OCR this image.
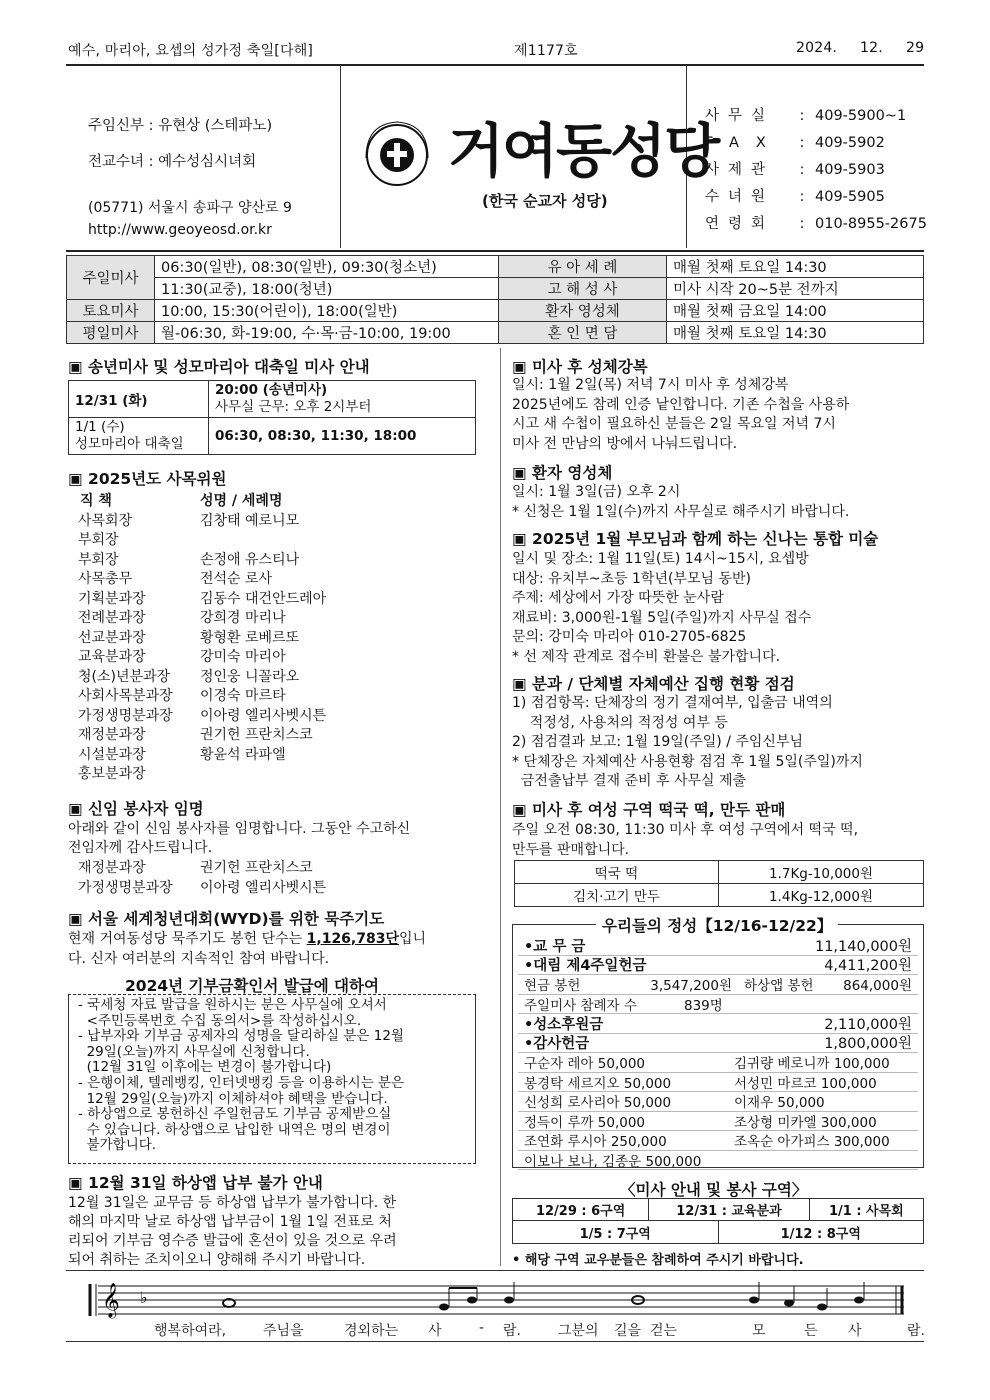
예수, 마리아, 요셉의 성가정 축일[다해]	제1177호	2024. 12. 29
주임신부 : 유현상 (스테파노)
전교수녀 : 예수성심시녀회
(05771) 서울시 송파구 양산로 9
http://www.geoyeosd.or.kr
거여동성당
(한국 순교자 성당)
사무실	: 409-5900~1
FAX	: 409-5902
사제관	: 409-5903
수녀원	: 409-5905
연령회	: 010-8955-2675
주일미사	06:30(일반), 08:30(일반), 09:30(청소년)	유 아 세 례	매월 첫째 토요일 14:30
	11:30(교중), 18:00(청년)	고 해 성 사	미사 시작 20~5분 전까지
토요미사	10:00, 15:30(어린이), 18:00(일반)	환자 영성체	매월 첫째 금요일 14:00
평일미사	월-06:30, 화-19:00, 수·목·금-10:00, 19:00	혼 인 면 담	매월 첫째 토요일 14:30
▣ 송년미사 및 성모마리아 대축일 미사 안내
12/31 (화)	20:00 (송년미사)
사무실 근무: 오후 2시부터

1/1 (수)
성모마리아 대축일	06:30, 08:30, 11:30, 18:00
▣ 2025년도 사목위원
직 책	성명 / 세례명
사목회장	김창태 예로니모
부회장
부회장	손정애 유스티나
사목총무	전석순 로사
기획분과장	김동수 대건안드레아
전례분과장	강희경 마리나
선교분과장	황형환 로베르또
교육분과장	강미숙 마리아
청(소)년분과장	정인웅 니꼴라오
사회사목분과장	이경숙 마르타
가정생명분과장	이아령 엘리사벳시튼
재정분과장	권기헌 프란치스코
시설분과장	황윤석 라파엘
홍보분과장
▣ 신임 봉사자 임명
아래와 같이 신임 봉사자를 임명합니다. 그동안 수고하신
전임자께 감사드립니다.
재정분과장	권기헌 프란치스코
가정생명분과장	이아령 엘리사벳시튼
▣ 서울 세계청년대회(WYD)를 위한 묵주기도
현재 거여동성당 묵주기도 봉헌 단수는 1,126,783단입니
다. 신자 여러분의 지속적인 참여 바랍니다.
2024년 기부금확인서 발급에 대하여
- 국세청 자료 발급을 원하시는 분은 사무실에 오셔서
<주민등록번호 수집 동의서>를 작성하십시오.
- 납부자와 기부금 공제자의 성명을 달리하실 분은 12월
29일(오늘)까지 사무실에 신청합니다.
(12월 31일 이후에는 변경이 불가합니다)
- 은행이체, 텔레뱅킹, 인터넷뱅킹 등을 이용하시는 분은
12월 29일(오늘)까지 이체하셔야 혜택을 받습니다.
- 하상앱으로 봉헌하신 주일헌금도 기부금 공제받으실
수 있습니다. 하상앱으로 납입한 내역은 명의 변경이
불가합니다.
▣ 12월 31일 하상앱 납부 불가 안내
12월 31일은 교무금 등 하상앱 납부가 불가합니다. 한
해의 마지막 날로 하상앱 납부금이 1월 1일 전표로 처
리되어 기부금 영수증 발급에 혼선이 있을 것으로 우려
되어 취하는 조치이오니 양해해 주시기 바랍니다.
▣ 미사 후 성체강복
일시: 1월 2일(목) 저녁 7시 미사 후 성체강복
2025년에도 참례 인증 낱인합니다. 기존 수첩을 사용하
시고 새 수첩이 필요하신 분들은 2일 목요일 저녁 7시
미사 전 만남의 방에서 나눠드립니다.
▣ 환자 영성체
일시: 1월 3일(금) 오후 2시
* 신청은 1월 1일(수)까지 사무실로 해주시기 바랍니다.
▣ 2025년 1월 부모님과 함께 하는 신나는 통합 미술
일시 및 장소: 1월 11일(토) 14시~15시, 요셉방
대상: 유치부~초등 1학년(부모님 동반)
주제: 세상에서 가장 따뜻한 눈사람
재료비: 3,000원-1월 5일(주일)까지 사무실 접수
문의: 강미숙 마리아 010-2705-6825
* 선 제작 관계로 접수비 환불은 불가합니다.
▣ 분과 / 단체별 자체예산 집행 현황 점검
1) 점검항목: 단체장의 정기 결재여부, 입출금 내역의
적정성, 사용처의 적정성 여부 등
2) 점검결과 보고: 1월 19일(주일) / 주임신부님
* 단체장은 자체예산 사용현황 점검 후 1월 5일(주일)까지
금전출납부 결재 준비 후 사무실 제출
▣ 미사 후 여성 구역 떡국 떡, 만두 판매
주일 오전 08:30, 11:30 미사 후 여성 구역에서 떡국 떡,
만두를 판매합니다.
떡국 떡	1.7Kg-10,000원
김치·고기 만두	1.4Kg-12,000원
우리들의 정성【12/16-12/22】
•교 무 금	11,140,000원
•대림 제4주일헌금	4,411,200원
현금 봉헌	3,547,200원 하상앱 봉헌	864,000원
주일미사 참례자 수	839명
•성소후원금	2,110,000원
•감사헌금	1,800,000원
구순자 레아 50,000	김귀량 베로니까 100,000
봉경탁 세르지오 50,000	서성민 마르코 100,000
신성희 로사리아 50,000	이재우 50,000
정득이 루까 50,000	조상형 미카엘 300,000
조연화 루시아 250,000	조옥순 아가피스 300,000
이보나 보나, 김종운 500,000
〈미사 안내 및 봉사 구역〉
12/29 : 6구역	12/31 : 교육분과	1/1 : 사목회

1/5 : 7구역	1/12 : 8구역
• 해당 구역 교우분들은 참례하여 주시기 바랍니다.
𝄞 ♭
행복하여라,	주님을	경외하는 사	- 람.	그분의 길을 걷는	모	든 사	람.
